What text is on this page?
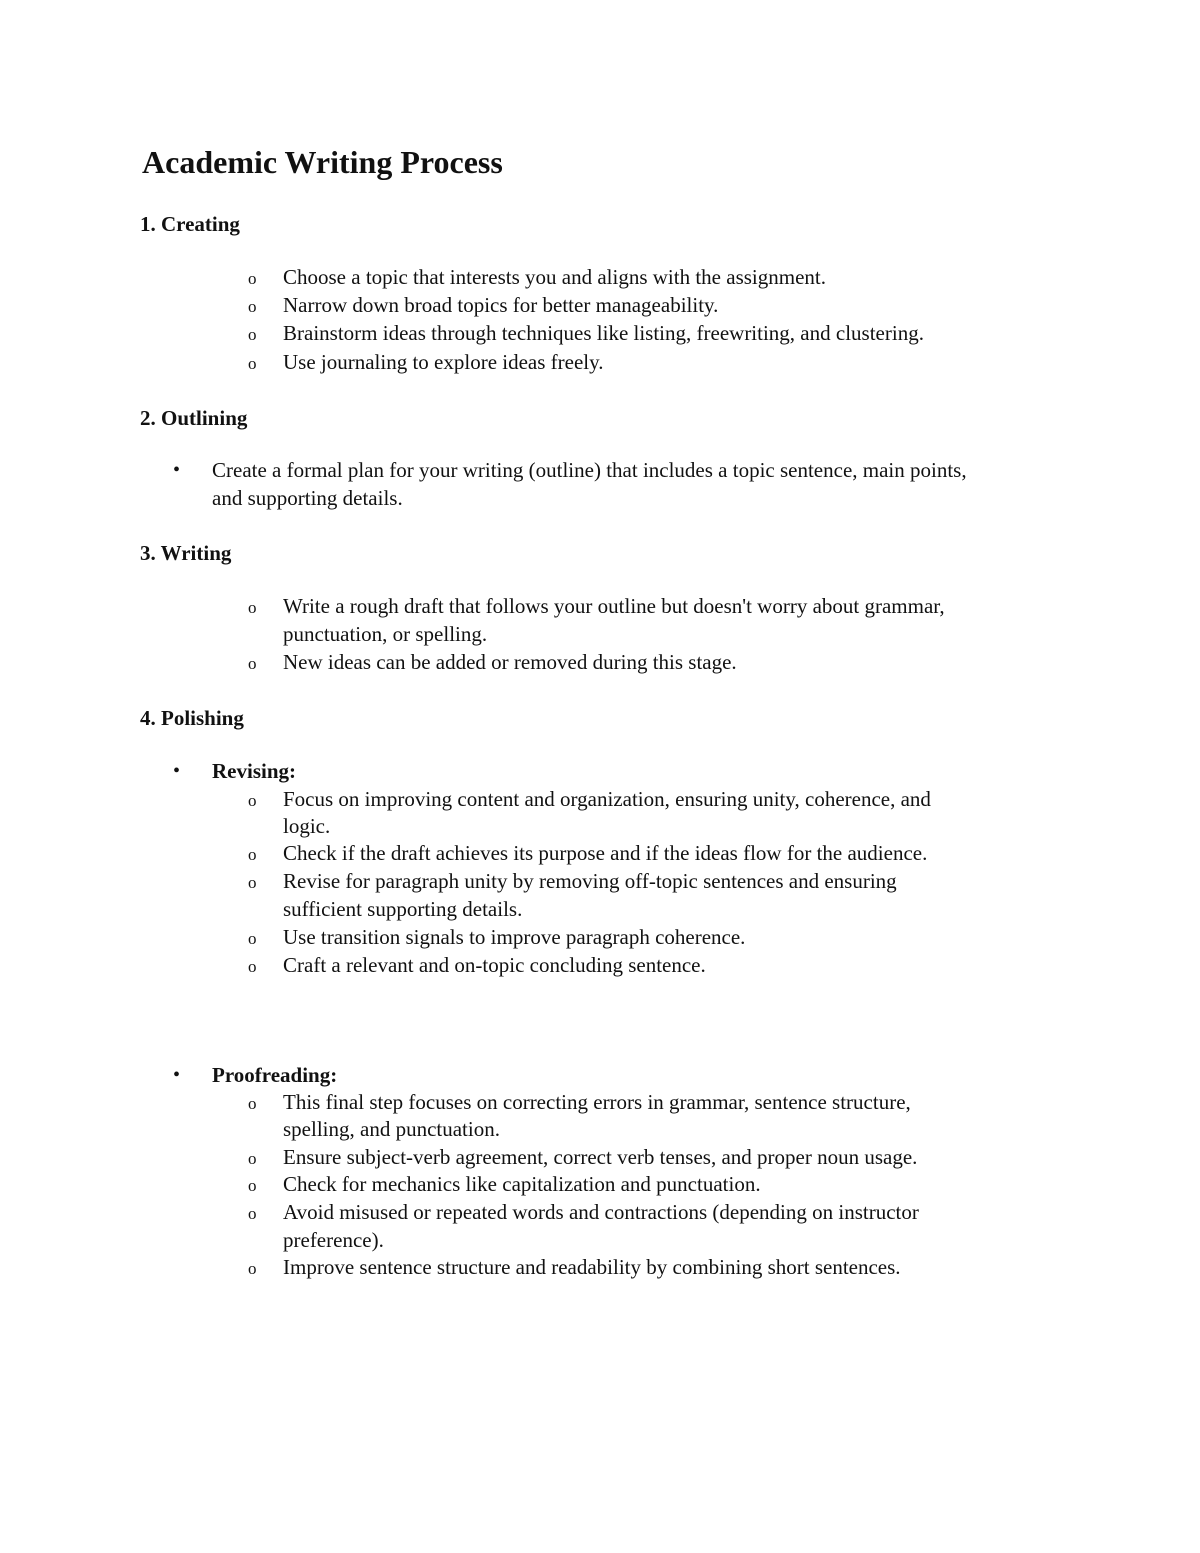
Academic Writing Process
1. Creating
o Choose a topic that interests you and aligns with the assignment.

o Narrow down broad topics for better manageability.

o Brainstorm ideas through techniques like listing, freewriting, and clustering.

o Use journaling to explore ideas freely.

2. Outlining
• Create a formal plan for your writing (outline) that includes a topic sentence, main points,

and supporting details.

3. Writing
o Write a rough draft that follows your outline but doesn't worry about grammar,

punctuation, or spelling.

o New ideas can be added or removed during this stage.

4. Polishing
• Revising:

o Focus on improving content and organization, ensuring unity, coherence, and

logic.

o Check if the draft achieves its purpose and if the ideas flow for the audience.

o Revise for paragraph unity by removing off-topic sentences and ensuring

sufficient supporting details.

o Use transition signals to improve paragraph coherence.

o Craft a relevant and on-topic concluding sentence.

• Proofreading:

o This final step focuses on correcting errors in grammar, sentence structure,

spelling, and punctuation.

o Ensure subject-verb agreement, correct verb tenses, and proper noun usage.

o Check for mechanics like capitalization and punctuation.

o Avoid misused or repeated words and contractions (depending on instructor

preference).

o Improve sentence structure and readability by combining short sentences.
